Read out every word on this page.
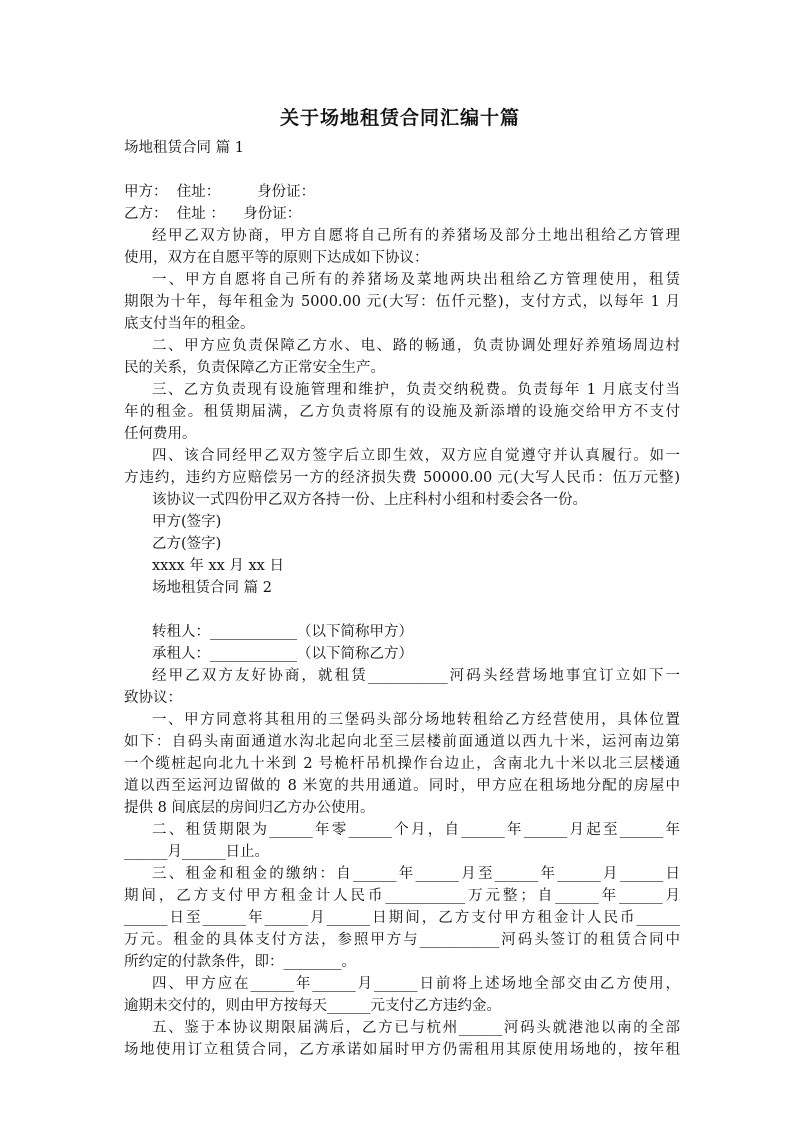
关于场地租赁合同汇编十篇
场地租赁合同 篇 1
甲方：  住址：        身份证：
乙方：  住址 ：    身份证：
经甲乙双方协商，甲方自愿将自己所有的养猪场及部分土地出租给乙方管理
使用，双方在自愿平等的原则下达成如下协议：
一、甲方自愿将自己所有的养猪场及菜地两块出租给乙方管理使用，租赁
期限为十年，每年租金为 5000.00 元(大写：伍仟元整)，支付方式，以每年 1 月
底支付当年的租金。
二、甲方应负责保障乙方水、电、路的畅通，负责协调处理好养殖场周边村
民的关系，负责保障乙方正常安全生产。
三、乙方负责现有设施管理和维护，负责交纳税费。负责每年 1 月底支付当
年的租金。租赁期届满，乙方负责将原有的设施及新添增的设施交给甲方不支付
任何费用。
四、该合同经甲乙双方签字后立即生效，双方应自觉遵守并认真履行。如一
方违约，违约方应赔偿另一方的经济损失费 50000.00 元(大写人民币：伍万元整)
该协议一式四份甲乙双方各持一份、上庄科村小组和村委会各一份。
甲方(签字)
乙方(签字)
xxxx 年 xx 月 xx 日
场地租赁合同 篇 2
转租人：____________（以下简称甲方）
承租人：____________（以下简称乙方）
经甲乙双方友好协商，就租赁___________河码头经营场地事宜订立如下一
致协议：
一、甲方同意将其租用的三堡码头部分场地转租给乙方经营使用，具体位置
如下：自码头南面通道水沟北起向北至三层楼前面通道以西九十米，运河南边第
一个缆桩起向北九十米到 2 号桅杆吊机操作台边止，含南北九十米以北三层楼通
道以西至运河边留做的 8 米宽的共用通道。同时，甲方应在租场地分配的房屋中
提供 8 间底层的房间归乙方办公使用。
二、租赁期限为______年零______个月，自______年______月起至______年
______月______日止。
三、租金和租金的缴纳：自______年______月至______年______月______日
期间，乙方支付甲方租金计人民币___________万元整；自______年______月
______日至______年______月______日期间，乙方支付甲方租金计人民币______
万元。租金的具体支付方法，参照甲方与___________河码头签订的租赁合同中
所约定的付款条件，即：________。
四、甲方应在______年______月______日前将上述场地全部交由乙方使用，
逾期未交付的，则由甲方按每天______元支付乙方违约金。
五、鉴于本协议期限届满后，乙方已与杭州______河码头就港池以南的全部
场地使用订立租赁合同，乙方承诺如届时甲方仍需租用其原使用场地的，按年租
